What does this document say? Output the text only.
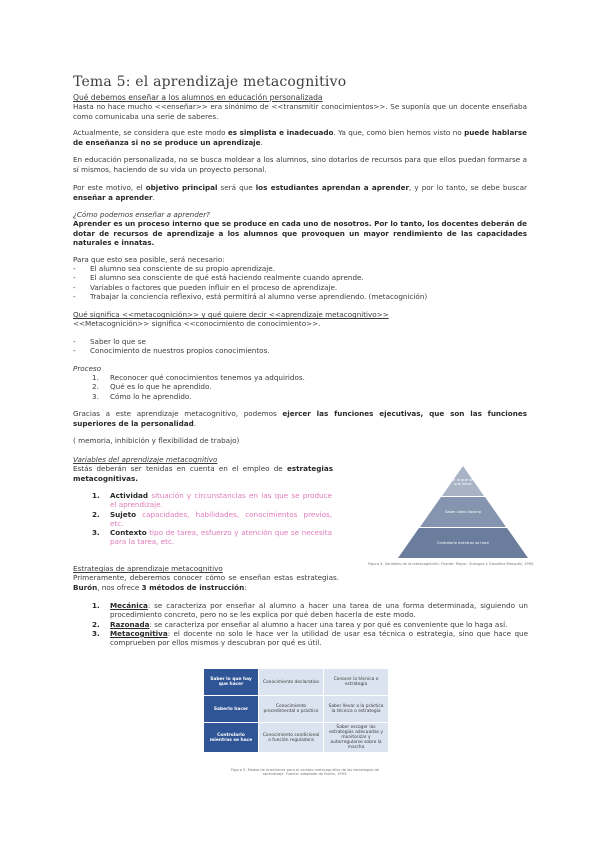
Tema 5: el aprendizaje metacognitivo
Qué debemos enseñar a los alumnos en educación personalizada
Hasta no hace mucho <<enseñar>> era sinónimo de <<transmitir conocimientos>>. Se suponía que un docente enseñaba como comunicaba una serie de saberes.
Actualmente, se considera que este modo es simplista e inadecuado. Ya que, como bien hemos visto no puede hablarse de enseñanza si no se produce un aprendizaje.
En educación personalizada, no se busca moldear a los alumnos, sino dotarlos de recursos para que ellos puedan formarse a sí mismos, haciendo de su vida un proyecto personal.
Por este motivo, el objetivo principal será que los estudiantes aprendan a aprender, y por lo tanto, se debe buscar enseñar a aprender.
¿Cómo podemos enseñar a aprender?
Aprender es un proceso interno que se produce en cada uno de nosotros. Por lo tanto, los docentes deberán de dotar de recursos de aprendizaje a los alumnos que provoquen un mayor rendimiento de las capacidades naturales e innatas.
Para que esto sea posible, será necesario:
- El alumno sea consciente de su propio aprendizaje.
- El alumno sea consciente de qué está haciendo realmente cuando aprende.
- Variables o factores que pueden influir en el proceso de aprendizaje.
- Trabajar la conciencia reflexivo, está permitirá al alumno verse aprendiendo. (metacognición)
Qué significa <<metacognición>> y qué quiere decir <<aprendizaje metacognitivo>>
<<Metacognición>> significa <<conocimiento de conocimiento>>.
- Saber lo que se
- Conocimiento de nuestros propios conocimientos.
Proceso
1. Reconocer qué conocimientos tenemos ya adquiridos.
2. Qué es lo que he aprendido.
3. Cómo lo he aprendido.
Gracias a este aprendizaje metacognitivo, podemos ejercer las funciones ejecutivas, que son las funciones superiores de la personalidad.
( memoria, inhibición y flexibilidad de trabajo)
Variables del aprendizaje metacognitivo
Estás deberán ser tenidas en cuenta en el empleo de estrategias metacognitivas.
1. Actividad situación y circunstancias en las que se produce el aprendizaje.
2. Sujeto capacidades, habilidades, conocimientos previos, etc.
3. Contexto tipo de tarea, esfuerzo y atención que se necesita para la tarea, etc.
Saber lo que se hay que hacer
Saber cómo hacerlo
Controlarlo mientras se hace
Figura 4. Variables de la metacognición. Fuente: Mayor, Suengas y González Marqués, 1995.
Estrategias de aprendizaje metacognitivo
Primeramente, deberemos conocer cómo se enseñan estas estrategias. Burón, nos ofrece 3 métodos de instrucción:
1. Mecánica: se caracteriza por enseñar al alumno a hacer una tarea de una forma determinada, siguiendo un procedimiento concreto, pero no se les explica por qué deben hacerla de este modo.
2. Razonada: se caracteriza por enseñar al alumno a hacer una tarea y por qué es conveniente que lo haga así.
3. Metacognitiva: el docente no solo le hace ver la utilidad de usar esa técnica o estrategia, sino que hace que comprueben por ellos mismos y descubran por qué es útil.
Saber lo que hay que hacer	Conocimiento declarativo	Conocer la técnica o estrategia
Saberlo hacer	Conocimiento procedimental o práctico	Saber llevar a la práctica la técnica o estrategia
Controlarlo mientras se hace	Conocimiento condicional o función reguladora	Saber escoger las estrategias adecuadas y monitorizar y autorregularse sobre la marcha
Figura 5. Modos de enseñanza para el cambio metacognitivo de las estrategias de aprendizaje. Fuente: adaptado de Burón, 1993.
